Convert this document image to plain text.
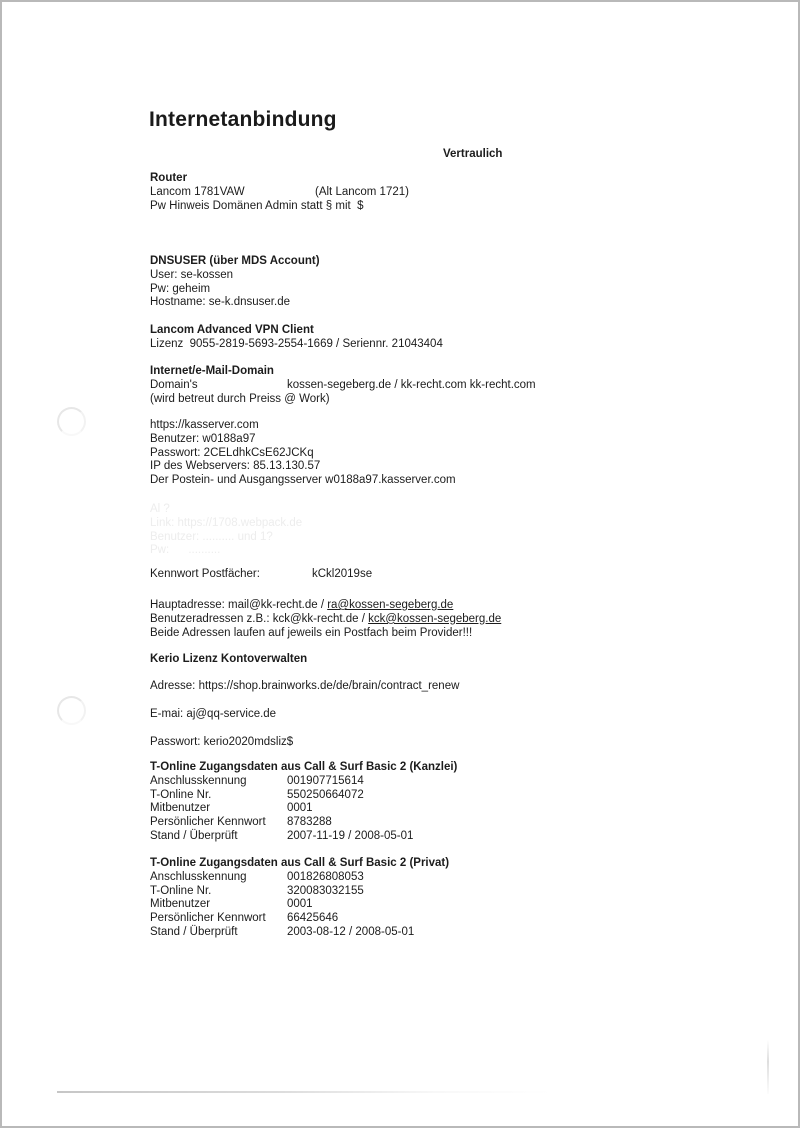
Internetanbindung
Vertraulich
Router
Lancom 1781VAW	(Alt Lancom 1721)
Pw Hinweis Domänen Admin statt § mit  $
DNSUSER (über MDS Account)
User: se-kossen
Pw: geheim
Hostname: se-k.dnsuser.de
Lancom Advanced VPN Client
Lizenz  9055-2819-5693-2554-1669 / Seriennr. 21043404
Internet/e-Mail-Domain
Domain's	kossen-segeberg.de / kk-recht.com kk-recht.com
(wird betreut durch Preiss @ Work)
https://kasserver.com
Benutzer: w0188a97
Passwort: 2CELdhkCsE62JCKq
IP des Webservers: 85.13.130.57
Der Postein- und Ausgangsserver w0188a97.kasserver.com
Al ?
Link: https://1708.webpack.de
Benutzer: .......... und 1?
Pw:      ..........
Kennwort Postfächer:	kCkl2019se
Hauptadresse: mail@kk-recht.de / ra@kossen-segeberg.de
Benutzeradressen z.B.: kck@kk-recht.de / kck@kossen-segeberg.de
Beide Adressen laufen auf jeweils ein Postfach beim Provider!!!
Kerio Lizenz Kontoverwalten
Adresse: https://shop.brainworks.de/de/brain/contract_renew
E-mai: aj@qq-service.de
Passwort: kerio2020mdsliz$
T-Online Zugangsdaten aus Call & Surf Basic 2 (Kanzlei)
Anschlusskennung	001907715614
T-Online Nr.	550250664072
Mitbenutzer	0001
Persönlicher Kennwort	8783288
Stand / Überprüft	2007-11-19 / 2008-05-01
T-Online Zugangsdaten aus Call & Surf Basic 2 (Privat)
Anschlusskennung	001826808053
T-Online Nr.	320083032155
Mitbenutzer	0001
Persönlicher Kennwort	66425646
Stand / Überprüft	2003-08-12 / 2008-05-01
